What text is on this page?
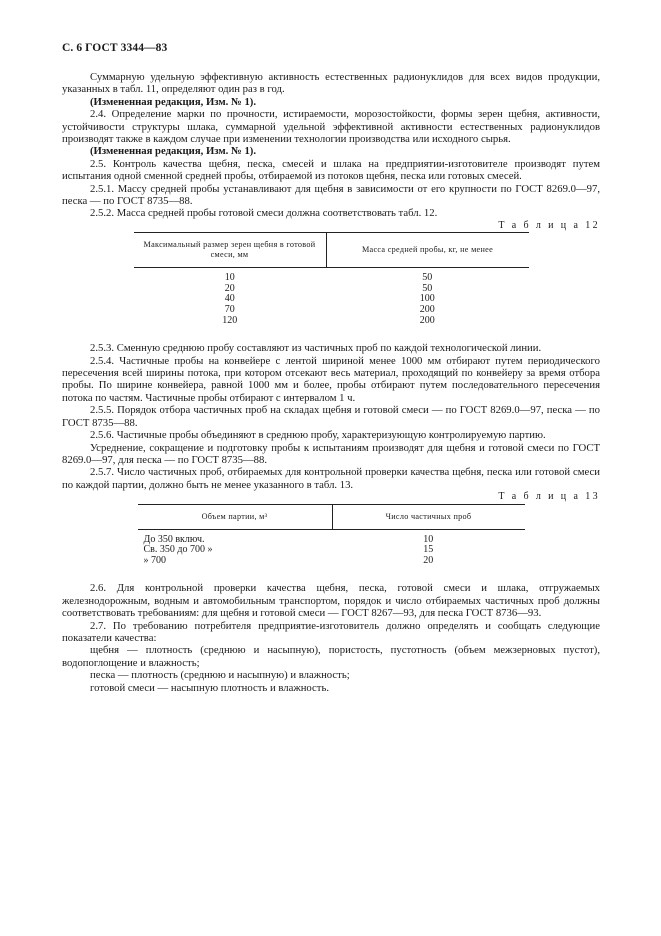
С. 6 ГОСТ 3344—83

Суммарную удельную эффективную активность естественных радионуклидов для всех видов продукции, указанных в табл. 11, определяют один раз в год.

(Измененная редакция, Изм. № 1).

2.4. Определение марки по прочности, истираемости, морозостойкости, формы зерен щебня, активности, устойчивости структуры шлака, суммарной удельной эффективной активности естественных радионуклидов производят также в каждом случае при изменении технологии производства или исходного сырья.

(Измененная редакция, Изм. № 1).

2.5. Контроль качества щебня, песка, смесей и шлака на предприятии-изготовителе производят путем испытания одной сменной средней пробы, отбираемой из потоков щебня, песка или готовых смесей.

2.5.1. Массу средней пробы устанавливают для щебня в зависимости от его крупности по ГОСТ 8269.0—97, песка — по ГОСТ 8735—88.

2.5.2. Масса средней пробы готовой смеси должна соответствовать табл. 12.

Т а б л и ц а 12

Максимальный размер зерен щебня в готовой смеси, мм	Масса средней пробы, кг, не менее
10	50
20	50
40	100
70	200
120	200

2.5.3. Сменную среднюю пробу составляют из частичных проб по каждой технологической линии.

2.5.4. Частичные пробы на конвейере с лентой шириной менее 1000 мм отбирают путем периодического пересечения всей ширины потока, при котором отсекают весь материал, проходящий по конвейеру за время отбора пробы. По ширине конвейера, равной 1000 мм и более, пробы отбирают путем последовательного пересечения потока по частям. Частичные пробы отбирают с интервалом 1 ч.

2.5.5. Порядок отбора частичных проб на складах щебня и готовой смеси — по ГОСТ 8269.0—97, песка — по ГОСТ 8735—88.

2.5.6. Частичные пробы объединяют в среднюю пробу, характеризующую контролируемую партию.

Усреднение, сокращение и подготовку пробы к испытаниям производят для щебня и готовой смеси по ГОСТ 8269.0—97, для песка — по ГОСТ 8735—88.

2.5.7. Число частичных проб, отбираемых для контрольной проверки качества щебня, песка или готовой смеси по каждой партии, должно быть не менее указанного в табл. 13.

Т а б л и ц а 13

Объем партии, м³	Число частичных проб
До 350 включ.	10
Св. 350 до 700 »	15
» 700	20

2.6. Для контрольной проверки качества щебня, песка, готовой смеси и шлака, отгружаемых железнодорожным, водным и автомобильным транспортом, порядок и число отбираемых частичных проб должны соответствовать требованиям: для щебня и готовой смеси — ГОСТ 8267—93, для песка ГОСТ 8736—93.

2.7. По требованию потребителя предприятие-изготовитель должно определять и сообщать следующие показатели качества:

щебня — плотность (среднюю и насыпную), пористость, пустотность (объем межзерновых пустот), водопоглощение и влажность;

песка — плотность (среднюю и насыпную) и влажность;

готовой смеси — насыпную плотность и влажность.
